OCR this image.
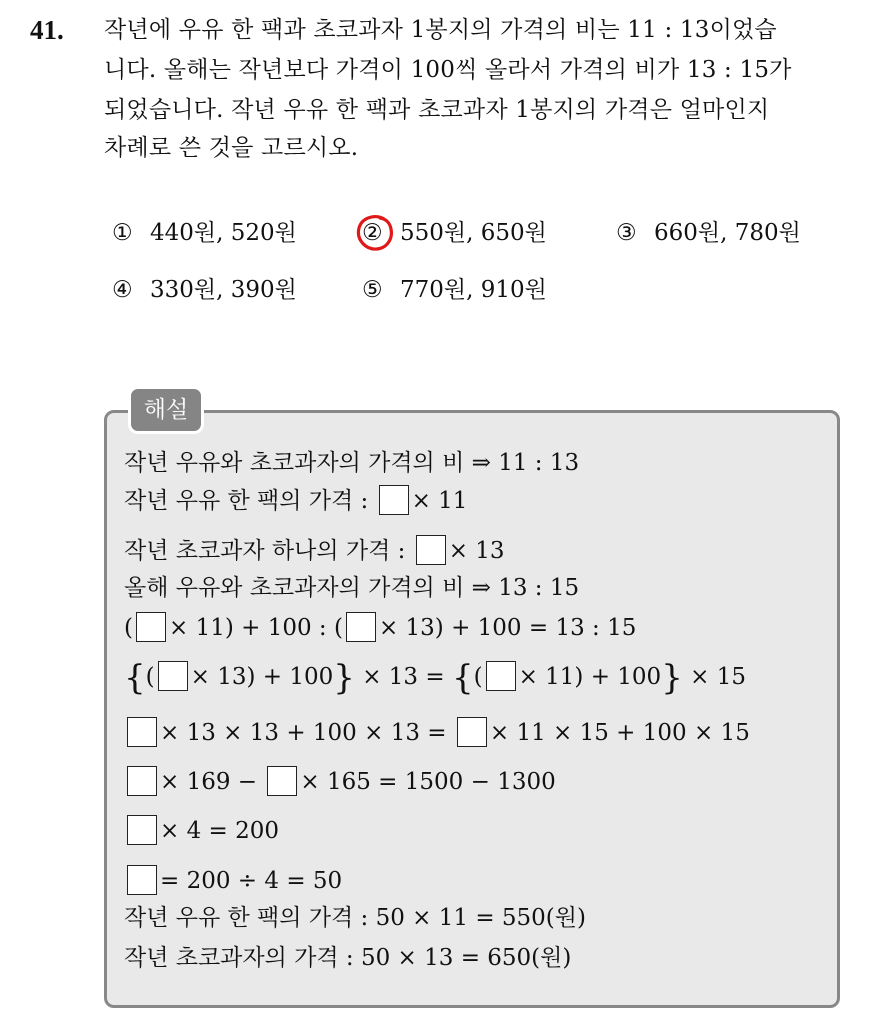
41. 작년에 우유 한 팩과 초코과자 1봉지의 가격의 비는 11 : 13이었습
니다. 올해는 작년보다 가격이 100씩 올라서 가격의 비가 13 : 15가
되었습니다. 작년 우유 한 팩과 초코과자 1봉지의 가격은 얼마인지
차례로 쓴 것을 고르시오.
① 440원, 520원	② 550원, 650원	③ 660원, 780원
④ 330원, 390원	⑤ 770원, 910원
해설
작년 우유와 초코과자의 가격의 비 ⇒ 11 : 13
작년 우유 한 팩의 가격 : × 11
작년 초코과자 하나의 가격 : × 13
올해 우유와 초코과자의 가격의 비 ⇒ 13 : 15
( × 11) + 100 : ( × 13) + 100 = 13 : 15
{( × 13) + 100} × 13 = {( × 11) + 100} × 15
× 13 × 13 + 100 × 13 = × 11 × 15 + 100 × 15
× 169 − × 165 = 1500 − 1300
× 4 = 200
= 200 ÷ 4 = 50
작년 우유 한 팩의 가격 : 50 × 11 = 550(원)
작년 초코과자의 가격 : 50 × 13 = 650(원)
